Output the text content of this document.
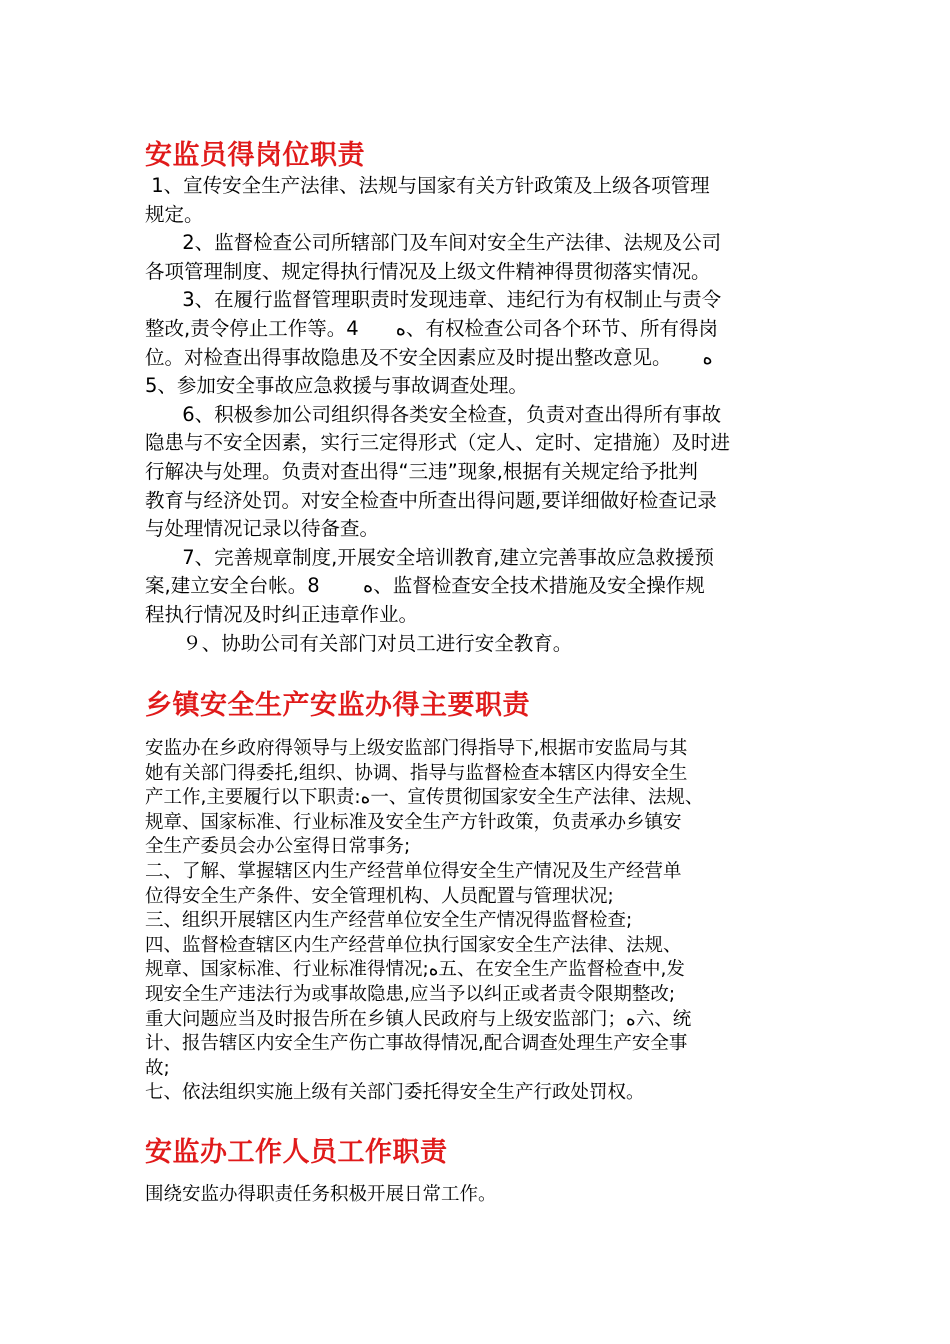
安监员得岗位职责

1、宣传安全生产法律、法规与国家有关方针政策及上级各项管理

规定。

2、监督检查公司所辖部门及车间对安全生产法律、法规及公司

各项管理制度、规定得执行情况及上级文件精神得贯彻落实情况。

3、在履行监督管理职责时发现违章、违纪行为有权制止与责令

整改,责令停止工作等。4      ﻩ、有权检查公司各个环节、所有得岗

位。对检查出得事故隐患及不安全因素应及时提出整改意见。     ﻩ

5、参加安全事故应急救援与事故调查处理。

6、积极参加公司组织得各类安全检查，负责对查出得所有事故

隐患与不安全因素，实行三定得形式（定人、定时、定措施）及时进

行解决与处理。负责对查出得“三违”现象,根据有关规定给予批判

教育与经济处罚。对安全检查中所查出得问题,要详细做好检查记录

与处理情况记录以待备查。

7、完善规章制度,开展安全培训教育,建立完善事故应急救援预

案,建立安全台帐。8       ﻩ、监督检查安全技术措施及安全操作规

程执行情况及时纠正违章作业。

９、协助公司有关部门对员工进行安全教育。

乡镇安全生产安监办得主要职责

安监办在乡政府得领导与上级安监部门得指导下,根据市安监局与其

她有关部门得委托,组织、协调、指导与监督检查本辖区内得安全生

产工作,主要履行以下职责:ﻩ一、宣传贯彻国家安全生产法律、法规、

规章、国家标准、行业标准及安全生产方针政策，负责承办乡镇安

全生产委员会办公室得日常事务;

二、了解、掌握辖区内生产经营单位得安全生产情况及生产经营单

位得安全生产条件、安全管理机构、人员配置与管理状况;

三、组织开展辖区内生产经营单位安全生产情况得监督检查;

四、监督检查辖区内生产经营单位执行国家安全生产法律、法规、

规章、国家标准、行业标准得情况;ﻩ五、在安全生产监督检查中,发

现安全生产违法行为或事故隐患,应当予以纠正或者责令限期整改;

重大问题应当及时报告所在乡镇人民政府与上级安监部门；ﻩ六、统

计、报告辖区内安全生产伤亡事故得情况,配合调查处理生产安全事

故;

七、依法组织实施上级有关部门委托得安全生产行政处罚权。

安监办工作人员工作职责

围绕安监办得职责任务积极开展日常工作。
